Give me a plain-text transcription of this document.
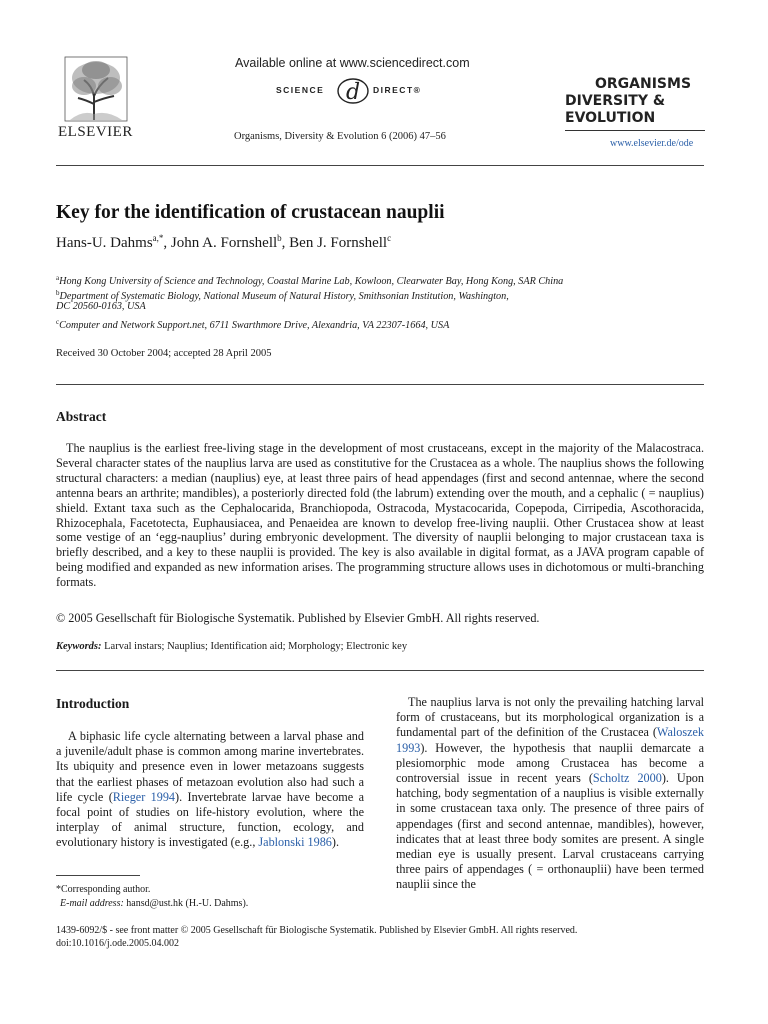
ELSEVIER
Available online at www.sciencedirect.com
SCIENCE d DIRECT®
Organisms, Diversity & Evolution 6 (2006) 47–56
ORGANISMS
DIVERSITY &
EVOLUTION
www.elsevier.de/ode
Key for the identification of crustacean nauplii
Hans-U. Dahms$^{a,*}$, John A. Fornshell$^b$, Ben J. Fornshell$^c$
$^a$Hong Kong University of Science and Technology, Coastal Marine Lab, Kowloon, Clearwater Bay, Hong Kong, SAR China
$^b$Department of Systematic Biology, National Museum of Natural History, Smithsonian Institution, Washington,
DC 20560-0163, USA
$^c$Computer and Network Support.net, 6711 Swarthmore Drive, Alexandria, VA 22307-1664, USA
Received 30 October 2004; accepted 28 April 2005
Abstract

The nauplius is the earliest free-living stage in the development of most crustaceans, except in the majority of the Malacostraca. Several character states of the nauplius larva are used as constitutive for the Crustacea as a whole. The nauplius shows the following structural characters: a median (nauplius) eye, at least three pairs of head appendages (first and second antennae, where the second antenna bears an arthrite; mandibles), a posteriorly directed fold (the labrum) extending over the mouth, and a cephalic ( = nauplius) shield. Extant taxa such as the Cephalocarida, Branchiopoda, Ostracoda, Mystacocarida, Copepoda, Cirripedia, Ascothoracida, Rhizocephala, Facetotecta, Euphausiacea, and Penaeidea are known to develop free-living nauplii. Other Crustacea show at least some vestige of an ‘egg-nauplius’ during embryonic development. The diversity of nauplii belonging to major crustacean taxa is briefly described, and a key to these nauplii is provided. The key is also available in digital format, as a JAVA program capable of being modified and expanded as new information arises. The programming structure allows uses in dichotomous or multi-branching formats.

© 2005 Gesellschaft für Biologische Systematik. Published by Elsevier GmbH. All rights reserved.
Keywords: Larval instars; Nauplius; Identification aid; Morphology; Electronic key
Introduction

A biphasic life cycle alternating between a larval phase and a juvenile/adult phase is common among marine invertebrates. Its ubiquity and presence even in lower metazoans suggests that the earliest phases of metazoan evolution also had such a life cycle (Rieger 1994). Invertebrate larvae have become a focal point of studies on life-history evolution, where the interplay of animal structure, function, ecology, and evolutionary history is investigated (e.g., Jablonski 1986).

The nauplius larva is not only the prevailing hatching larval form of crustaceans, but its morphological organization is a fundamental part of the definition of the Crustacea (Waloszek 1993). However, the hypothesis that nauplii demarcate a plesiomorphic mode among Crustacea has become a controversial issue in recent years (Scholtz 2000). Upon hatching, body segmentation of a nauplius is visible externally in some crustacean taxa only. The presence of three pairs of appendages (first and second antennae, mandibles), however, indicates that at least three body somites are present. A single median eye is usually present. Larval crustaceans carrying three pairs of appendages ( = orthonauplii) have been termed nauplii since the

*Corresponding author.
E-mail address: hansd@ust.hk (H.-U. Dahms).
1439-6092/$ - see front matter © 2005 Gesellschaft für Biologische Systematik. Published by Elsevier GmbH. All rights reserved.
doi:10.1016/j.ode.2005.04.002
